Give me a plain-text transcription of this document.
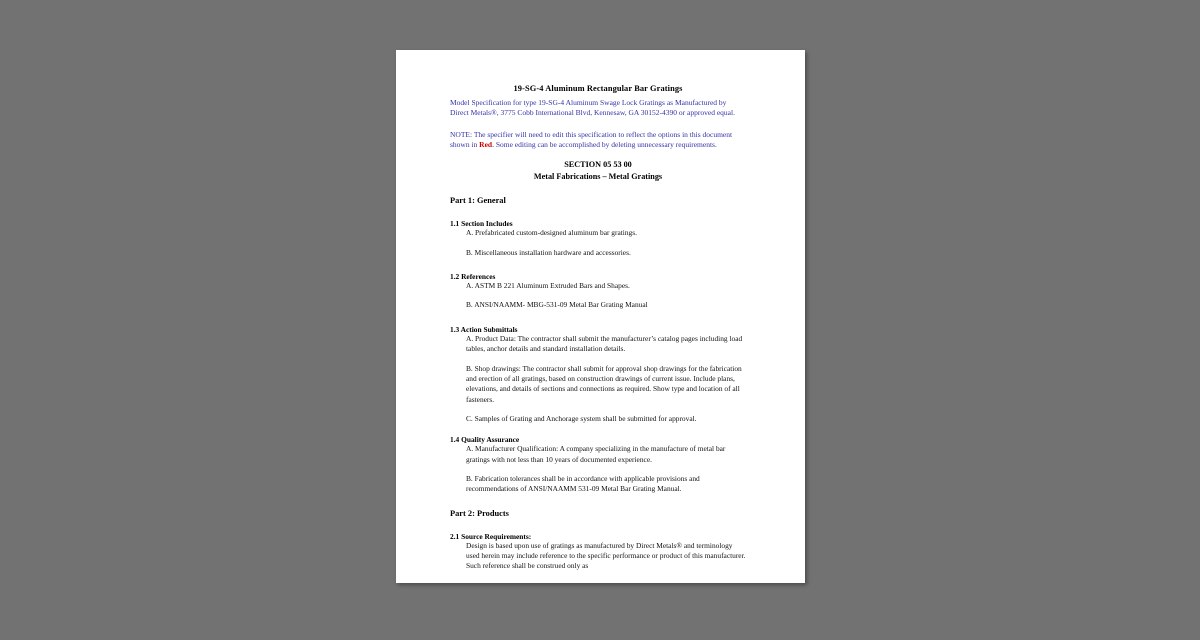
19-SG-4 Aluminum Rectangular Bar Gratings

Model Specification for type 19-SG-4 Aluminum Swage Lock Gratings as Manufactured by Direct Metals®, 3775 Cobb International Blvd, Kennesaw, GA 30152-4390 or approved equal.

NOTE: The specifier will need to edit this specification to reflect the options in this document shown in Red. Some editing can be accomplished by deleting unnecessary requirements.

SECTION 05 53 00
Metal Fabrications – Metal Gratings
Part 1: General
1.1 Section Includes

A. Prefabricated custom-designed aluminum bar gratings.

B. Miscellaneous installation hardware and accessories.

1.2 References

A. ASTM B 221 Aluminum Extruded Bars and Shapes.

B. ANSI/NAAMM- MBG-531-09 Metal Bar Grating Manual

1.3 Action Submittals

A. Product Data: The contractor shall submit the manufacturer’s catalog pages including load tables, anchor details and standard installation details.

B. Shop drawings: The contractor shall submit for approval shop drawings for the fabrication and erection of all gratings, based on construction drawings of current issue. Include plans, elevations, and details of sections and connections as required. Show type and location of all fasteners.

C. Samples of Grating and Anchorage system shall be submitted for approval.

1.4 Quality Assurance

A. Manufacturer Qualification: A company specializing in the manufacture of metal bar gratings with not less than 10 years of documented experience.

B. Fabrication tolerances shall be in accordance with applicable provisions and recommendations of ANSI/NAAMM 531-09 Metal Bar Grating Manual.

Part 2: Products
2.1 Source Requirements:

Design is based upon use of gratings as manufactured by Direct Metals® and terminology used herein may include reference to the specific performance or product of this manufacturer. Such reference shall be construed only as
